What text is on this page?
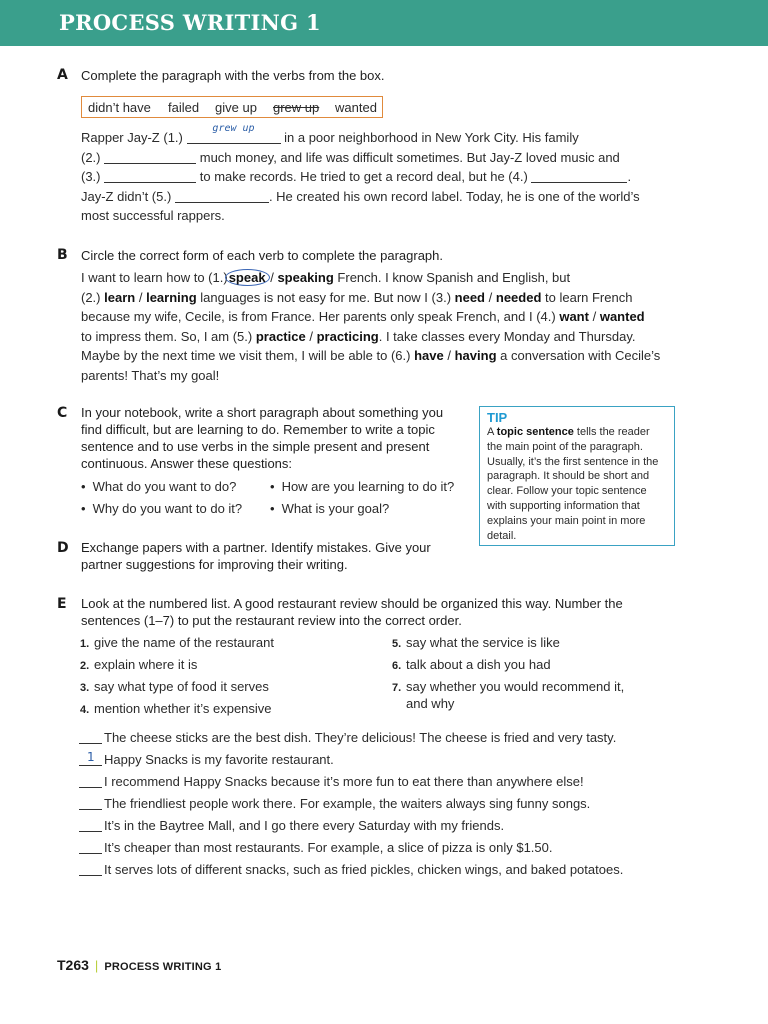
PROCESS WRITING 1
A Complete the paragraph with the verbs from the box.
didn’t have failed give up grew up wanted
Rapper Jay-Z (1.)
grew up
in a poor neighborhood in New York City. His family
(2.)	much money, and life was difficult sometimes. But Jay-Z loved music and
(3.)	to make records. He tried to get a record deal, but he (4.)	.
Jay-Z didn’t (5.)	. He created his own record label. Today, he is one of the world’s
most successful rappers.
B Circle the correct form of each verb to complete the paragraph.
I want to learn how to (1.)speak / speaking French. I know Spanish and English, but
(2.) learn / learning languages is not easy for me. But now I (3.) need / needed to learn French
because my wife, Cecile, is from France. Her parents only speak French, and I (4.) want / wanted
to impress them. So, I am (5.) practice / practicing. I take classes every Monday and Thursday.
Maybe by the next time we visit them, I will be able to (6.) have / having a conversation with Cecile’s
parents! That’s my goal!
C In your notebook, write a short paragraph about something you
find difficult, but are learning to do. Remember to write a topic
sentence and to use verbs in the simple present and present
continuous. Answer these questions:
• What do you want to do?	• How are you learning to do it?
• Why do you want to do it?	• What is your goal?
TIP
A topic sentence tells the reader
the main point of the paragraph.
Usually, it’s the first sentence in the
paragraph. It should be short and
clear. Follow your topic sentence
with supporting information that
explains your main point in more
detail.
D Exchange papers with a partner. Identify mistakes. Give your
partner suggestions for improving their writing.
E Look at the numbered list. A good restaurant review should be organized this way. Number the
sentences (1–7) to put the restaurant review into the correct order.
1. give the name of the restaurant
2. explain where it is
3. say what type of food it serves
4. mention whether it’s expensive
5. say what the service is like
6. talk about a dish you had
7. say whether you would recommend it,
and why
The cheese sticks are the best dish. They’re delicious! The cheese is fried and very tasty.
1 Happy Snacks is my favorite restaurant.
I recommend Happy Snacks because it’s more fun to eat there than anywhere else!
The friendliest people work there. For example, the waiters always sing funny songs.
It’s in the Baytree Mall, and I go there every Saturday with my friends.
It’s cheaper than most restaurants. For example, a slice of pizza is only $1.50.
It serves lots of different snacks, such as fried pickles, chicken wings, and baked potatoes.
T263 | PROCESS WRITING 1
